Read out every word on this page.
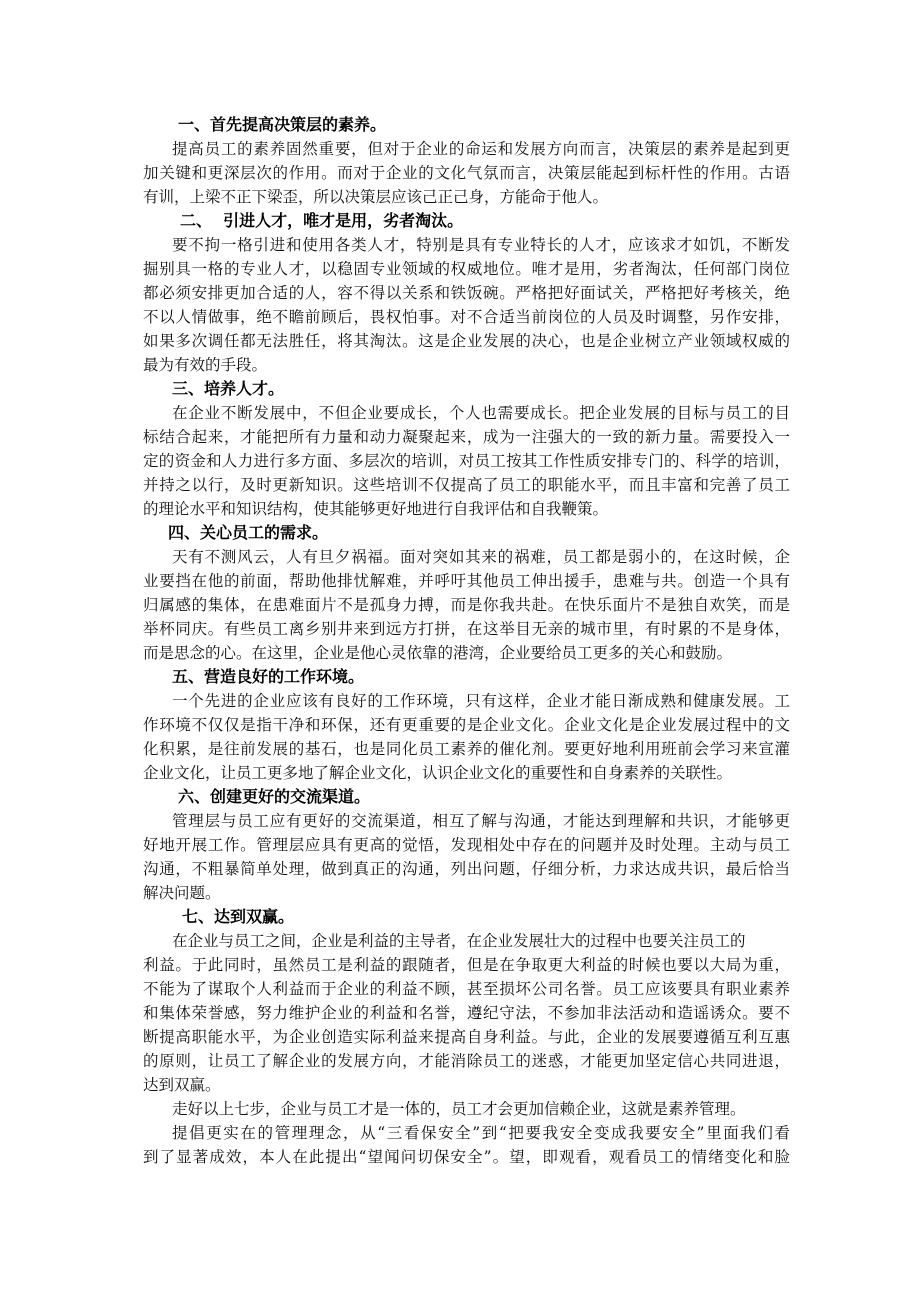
一、首先提高决策层的素养。
提高员工的素养固然重要，但对于企业的命运和发展方向而言，决策层的素养是起到更
加关键和更深层次的作用。而对于企业的文化气氛而言，决策层能起到标杆性的作用。古语
有训，上梁不正下梁歪，所以决策层应该己正己身，方能命于他人。
二、  引进人才，唯才是用，劣者淘汰。
要不拘一格引进和使用各类人才，特别是具有专业特长的人才，应该求才如饥，不断发
掘别具一格的专业人才，以稳固专业领域的权威地位。唯才是用，劣者淘汰，任何部门岗位
都必须安排更加合适的人，容不得以关系和铁饭碗。严格把好面试关，严格把好考核关，绝
不以人情做事，绝不瞻前顾后，畏权怕事。对不合适当前岗位的人员及时调整，另作安排，
如果多次调任都无法胜任，将其淘汰。这是企业发展的决心，也是企业树立产业领域权威的
最为有效的手段。
三、培养人才。
在企业不断发展中，不但企业要成长，个人也需要成长。把企业发展的目标与员工的目
标结合起来，才能把所有力量和动力凝聚起来，成为一注强大的一致的新力量。需要投入一
定的资金和人力进行多方面、多层次的培训，对员工按其工作性质安排专门的、科学的培训，
并持之以行，及时更新知识。这些培训不仅提高了员工的职能水平，而且丰富和完善了员工
的理论水平和知识结构，使其能够更好地进行自我评估和自我鞭策。
四、关心员工的需求。
天有不测风云，人有旦夕祸福。面对突如其来的祸难，员工都是弱小的，在这时候，企
业要挡在他的前面，帮助他排忧解难，并呼吁其他员工伸出援手，患难与共。创造一个具有
归属感的集体，在患难面片不是孤身力搏，而是你我共赴。在快乐面片不是独自欢笑，而是
举杯同庆。有些员工离乡别井来到远方打拼，在这举目无亲的城市里，有时累的不是身体，
而是思念的心。在这里，企业是他心灵依靠的港湾，企业要给员工更多的关心和鼓励。
五、营造良好的工作环境。
一个先进的企业应该有良好的工作环境，只有这样，企业才能日渐成熟和健康发展。工
作环境不仅仅是指干净和环保，还有更重要的是企业文化。企业文化是企业发展过程中的文
化积累，是往前发展的基石，也是同化员工素养的催化剂。要更好地利用班前会学习来宣灌
企业文化，让员工更多地了解企业文化，认识企业文化的重要性和自身素养的关联性。
六、创建更好的交流渠道。
管理层与员工应有更好的交流渠道，相互了解与沟通，才能达到理解和共识，才能够更
好地开展工作。管理层应具有更高的觉悟，发现相处中存在的问题并及时处理。主动与员工
沟通，不粗暴简单处理，做到真正的沟通，列出问题，仔细分析，力求达成共识，最后恰当
解决问题。
七、达到双赢。
在企业与员工之间，企业是利益的主导者，在企业发展壮大的过程中也要关注员工的
利益。于此同时，虽然员工是利益的跟随者，但是在争取更大利益的时候也要以大局为重，
不能为了谋取个人利益而于企业的利益不顾，甚至损坏公司名誉。员工应该要具有职业素养
和集体荣誉感，努力维护企业的利益和名誉，遵纪守法，不参加非法活动和造谣诱众。要不
断提高职能水平，为企业创造实际利益来提高自身利益。与此，企业的发展要遵循互利互惠
的原则，让员工了解企业的发展方向，才能消除员工的迷惑，才能更加坚定信心共同进退，
达到双赢。
走好以上七步，企业与员工才是一体的，员工才会更加信赖企业，这就是素养管理。
提倡更实在的管理理念，从“三看保安全”到“把要我安全变成我要安全”里面我们看
到了显著成效，本人在此提出“望闻问切保安全”。望，即观看，观看员工的情绪变化和脸
